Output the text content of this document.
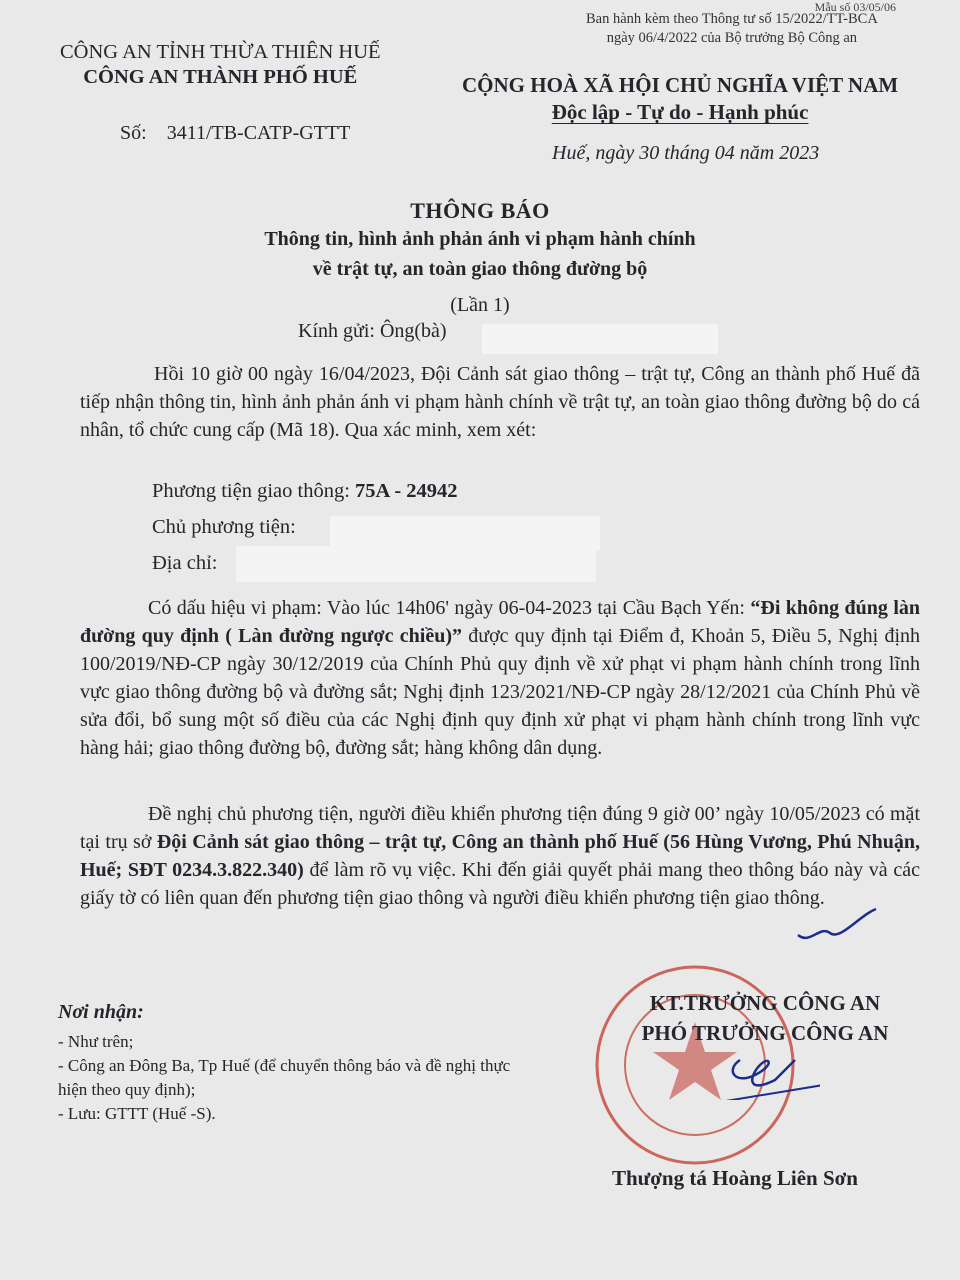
Mẫu số 03/05/06
Ban hành kèm theo Thông tư số 15/2022/TT-BCA
ngày 06/4/2022 của Bộ trưởng Bộ Công an
CÔNG AN TỈNH THỪA THIÊN HUẾ
CÔNG AN THÀNH PHỐ HUẾ	CỘNG HOÀ XÃ HỘI CHỦ NGHĨA VIỆT NAM
Độc lập - Tự do - Hạnh phúc
Số: 3411/TB-CATP-GTTT
Huế, ngày 30 tháng 04 năm 2023
THÔNG BÁO
Thông tin, hình ảnh phản ánh vi phạm hành chính
về trật tự, an toàn giao thông đường bộ
(Lần 1)
Kính gửi: Ông(bà)
Hồi 10 giờ 00 ngày 16/04/2023, Đội Cảnh sát giao thông – trật tự, Công an thành phố Huế đã tiếp nhận thông tin, hình ảnh phản ánh vi phạm hành chính về trật tự, an toàn giao thông đường bộ do cá nhân, tổ chức cung cấp (Mã 18). Qua xác minh, xem xét:
Phương tiện giao thông: 75A - 24942
Chủ phương tiện:
Địa chỉ:
Có dấu hiệu vi phạm: Vào lúc 14h06' ngày 06-04-2023 tại Cầu Bạch Yến: “Đi không đúng làn đường quy định ( Làn đường ngược chiều)” được quy định tại Điểm đ, Khoản 5, Điều 5, Nghị định 100/2019/NĐ-CP ngày 30/12/2019 của Chính Phủ quy định về xử phạt vi phạm hành chính trong lĩnh vực giao thông đường bộ và đường sắt; Nghị định 123/2021/NĐ-CP ngày 28/12/2021 của Chính Phủ về sửa đổi, bổ sung một số điều của các Nghị định quy định xử phạt vi phạm hành chính trong lĩnh vực hàng hải; giao thông đường bộ, đường sắt; hàng không dân dụng.
Đề nghị chủ phương tiện, người điều khiển phương tiện đúng 9 giờ 00’ ngày 10/05/2023 có mặt tại trụ sở Đội Cảnh sát giao thông – trật tự, Công an thành phố Huế (56 Hùng Vương, Phú Nhuận, Huế; SĐT 0234.3.822.340) để làm rõ vụ việc. Khi đến giải quyết phải mang theo thông báo này và các giấy tờ có liên quan đến phương tiện giao thông và người điều khiển phương tiện giao thông.
Nơi nhận:
- Như trên;
- Công an Đông Ba, Tp Huế (để chuyển thông báo và đề nghị thực hiện theo quy định);
- Lưu: GTTT (Huế -S).
KT.TRƯỞNG CÔNG AN
PHÓ TRƯỞNG CÔNG AN
Thượng tá Hoàng Liên Sơn
